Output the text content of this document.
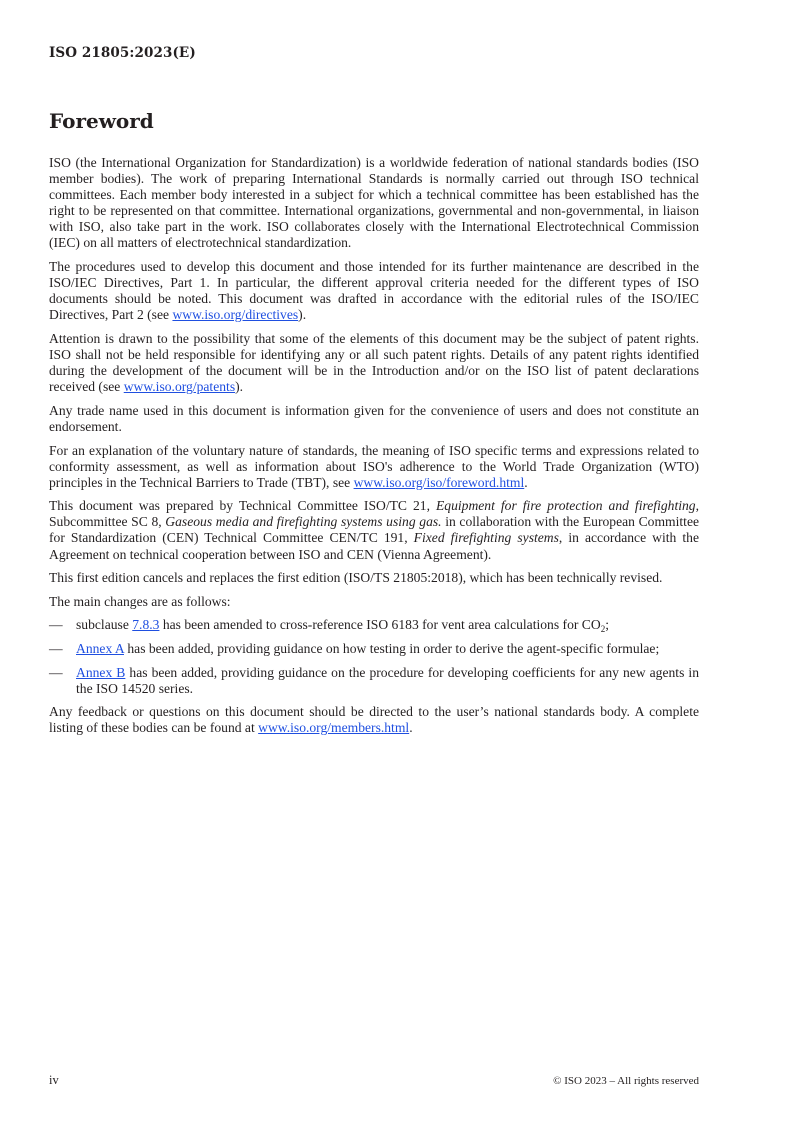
ISO 21805:2023(E)
Foreword

ISO (the International Organization for Standardization) is a worldwide federation of national standards bodies (ISO member bodies). The work of preparing International Standards is normally carried out through ISO technical committees. Each member body interested in a subject for which a technical committee has been established has the right to be represented on that committee. International organizations, governmental and non-governmental, in liaison with ISO, also take part in the work. ISO collaborates closely with the International Electrotechnical Commission (IEC) on all matters of electrotechnical standardization.

The procedures used to develop this document and those intended for its further maintenance are described in the ISO/IEC Directives, Part 1. In particular, the different approval criteria needed for the different types of ISO documents should be noted. This document was drafted in accordance with the editorial rules of the ISO/IEC Directives, Part 2 (see www.iso.org/directives).

Attention is drawn to the possibility that some of the elements of this document may be the subject of patent rights. ISO shall not be held responsible for identifying any or all such patent rights. Details of any patent rights identified during the development of the document will be in the Introduction and/or on the ISO list of patent declarations received (see www.iso.org/patents).

Any trade name used in this document is information given for the convenience of users and does not constitute an endorsement.

For an explanation of the voluntary nature of standards, the meaning of ISO specific terms and expressions related to conformity assessment, as well as information about ISO's adherence to the World Trade Organization (WTO) principles in the Technical Barriers to Trade (TBT), see www.iso.org/iso/foreword.html.

This document was prepared by Technical Committee ISO/TC 21, Equipment for fire protection and firefighting, Subcommittee SC 8, Gaseous media and firefighting systems using gas. in collaboration with the European Committee for Standardization (CEN) Technical Committee CEN/TC 191, Fixed firefighting systems, in accordance with the Agreement on technical cooperation between ISO and CEN (Vienna Agreement).

This first edition cancels and replaces the first edition (ISO/TS 21805:2018), which has been technically revised.

The main changes are as follows:

— subclause 7.8.3 has been amended to cross-reference ISO 6183 for vent area calculations for $CO_2$;
— Annex A has been added, providing guidance on how testing in order to derive the agent-specific formulae;
— Annex B has been added, providing guidance on the procedure for developing coefficients for any new agents in the ISO 14520 series.

Any feedback or questions on this document should be directed to the user’s national standards body. A complete listing of these bodies can be found at www.iso.org/members.html.

iv	© ISO 2023 – All rights reserved
